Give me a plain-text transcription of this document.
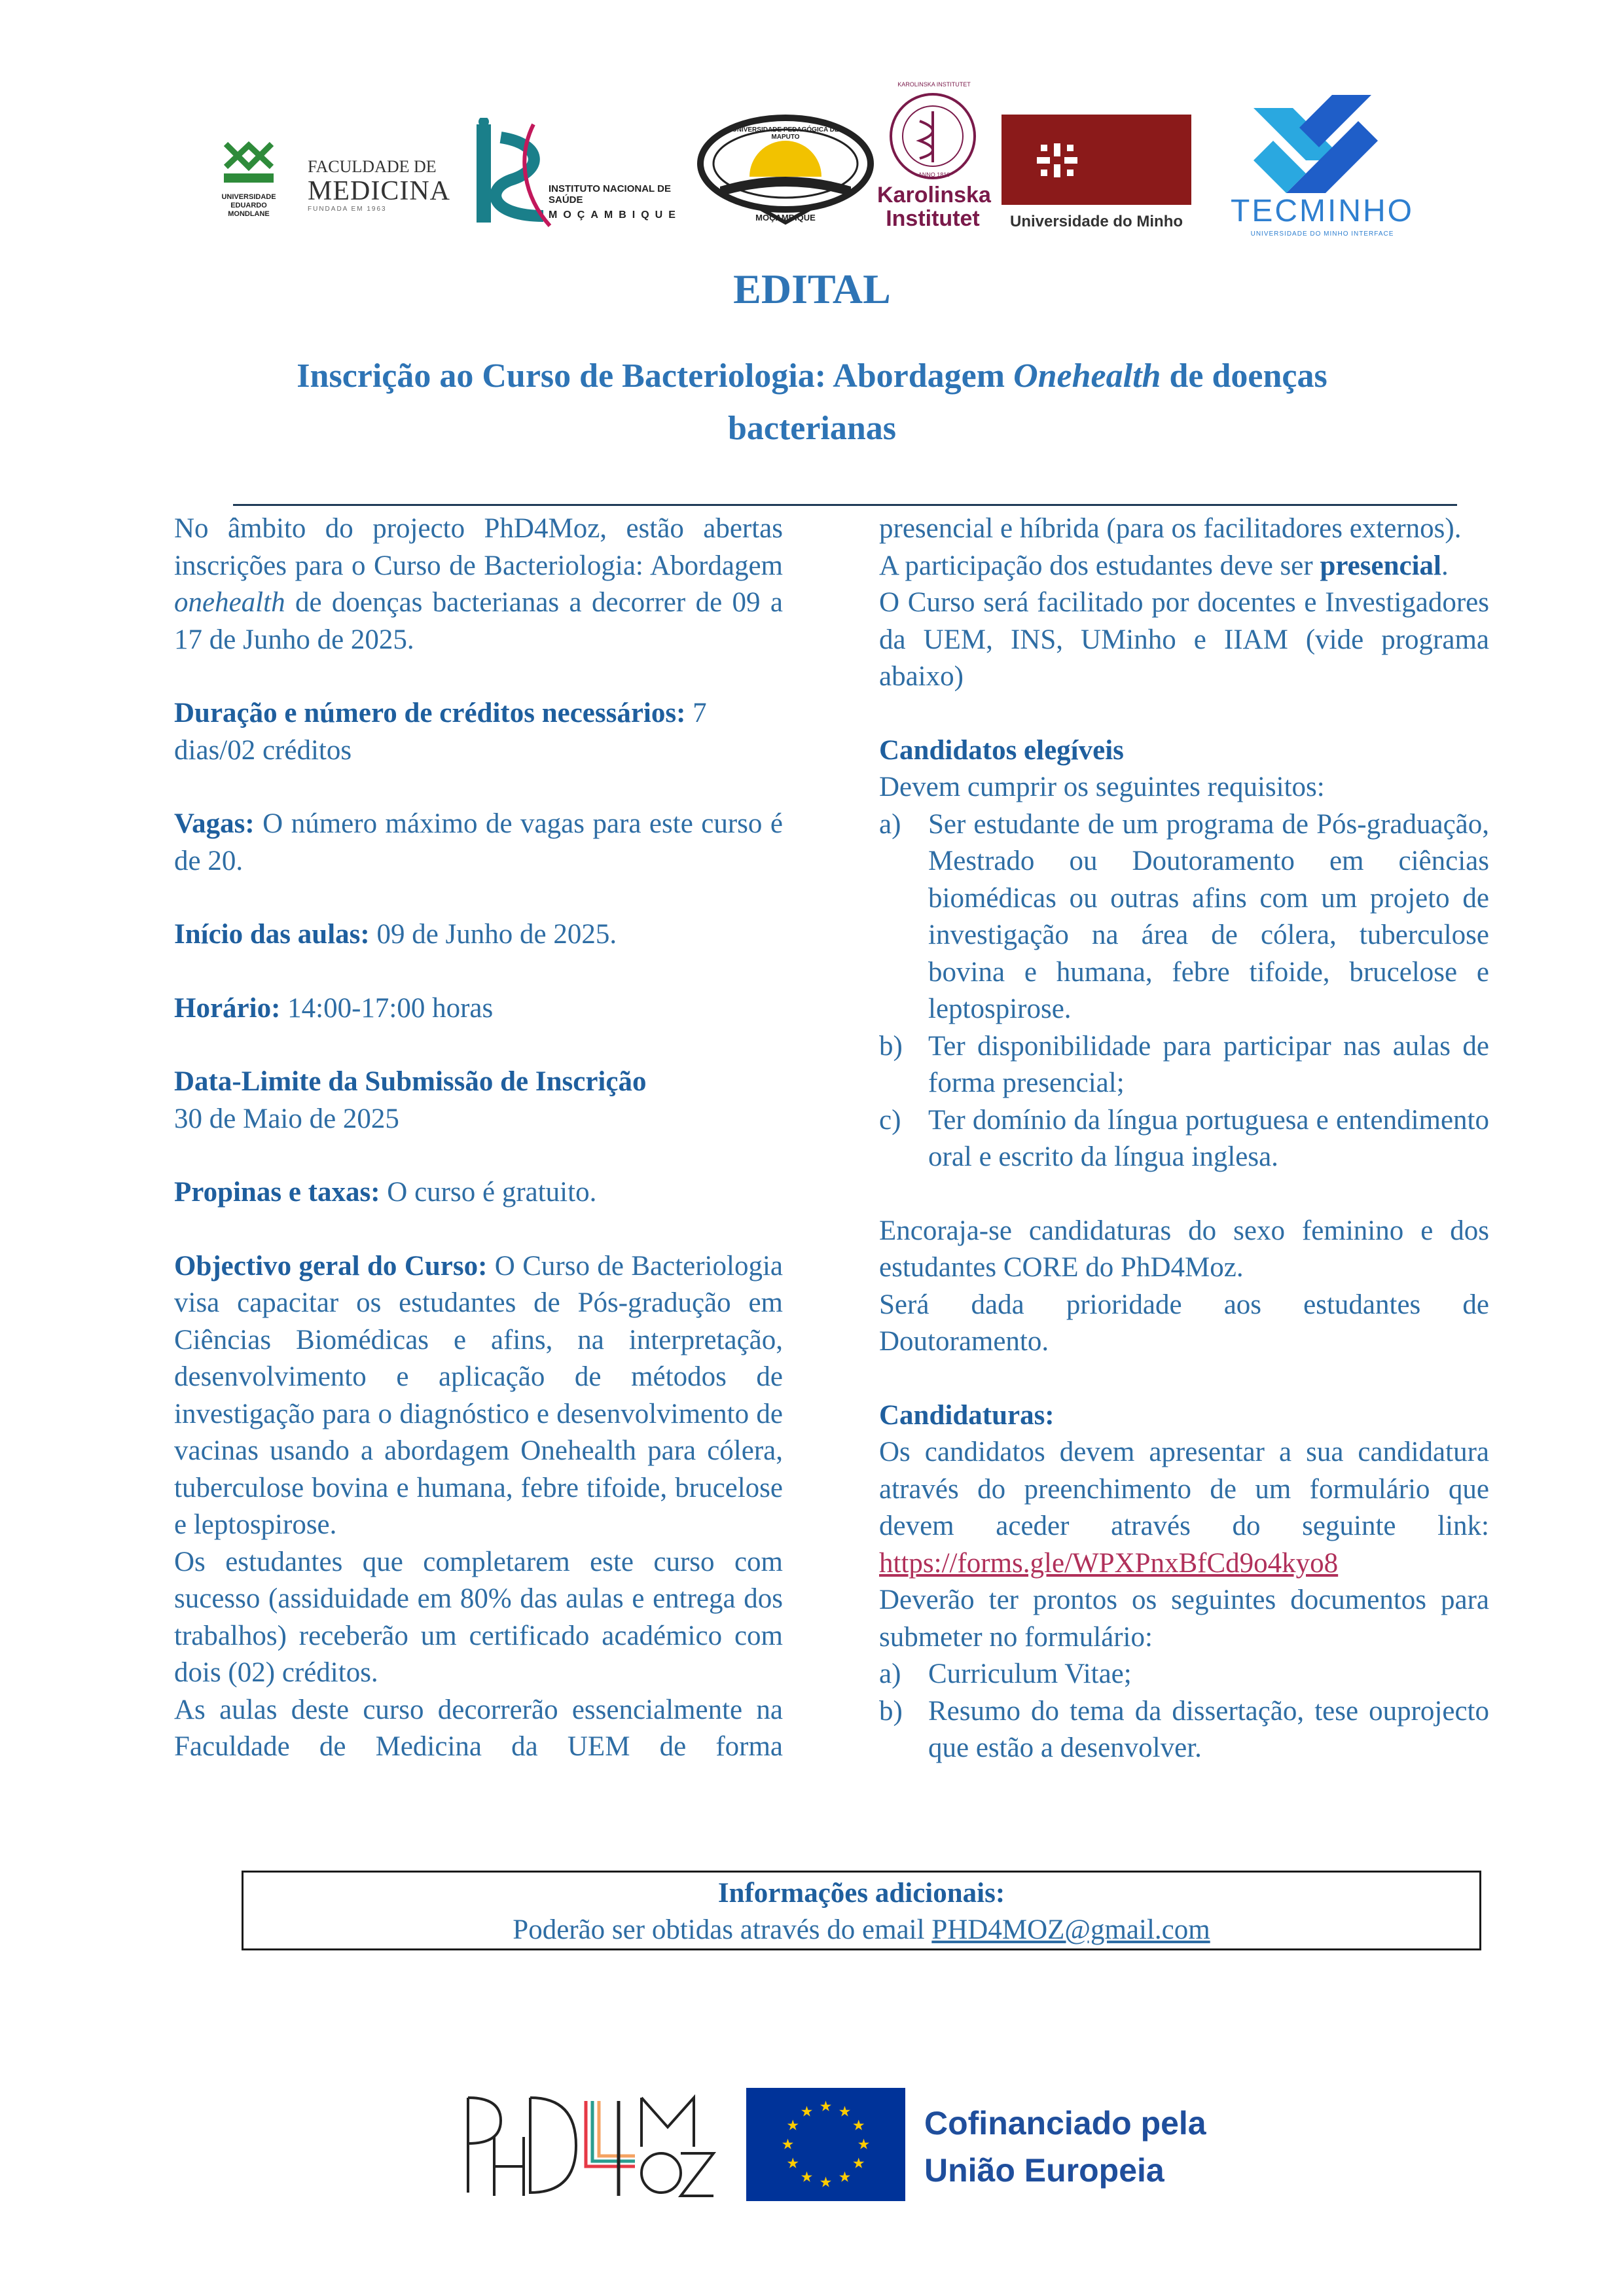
UNIVERSIDADE
EDUARDO
MONDLANE
FACULDADE DE
MEDICINA
FUNDADA EM 1963
INSTITUTO NACIONAL DE SAÚDE
MOÇAMBIQUE
UNIVERSIDADE PEDAGÓGICA DE MAPUTO
MOÇAMBIQUE
KAROLINSKA INSTITUTET
ANNO 1810
Karolinska
Institutet	Universidade do Minho	TECMINHO
UNIVERSIDADE DO MINHO INTERFACE
EDITAL
Inscrição ao Curso de Bacteriologia: Abordagem Onehealth de doenças bacterianas

No âmbito do projecto PhD4Moz, estão abertas inscrições para o Curso de Bacteriologia: Abordagem onehealth de doenças bacterianas a decorrer de 09 a 17 de Junho de 2025.

Duração e número de créditos necessários: 7 dias/02 créditos

Vagas: O número máximo de vagas para este curso é de 20.

Início das aulas: 09 de Junho de 2025.

Horário: 14:00-17:00 horas

Data-Limite da Submissão de Inscrição

30 de Maio de 2025

Propinas e taxas: O curso é gratuito.

Objectivo geral do Curso: O Curso de Bacteriologia visa capacitar os estudantes de Pós-gradução em Ciências Biomédicas e afins, na interpretação, desenvolvimento e aplicação de métodos de investigação para o diagnóstico e desenvolvimento de vacinas usando a abordagem Onehealth para cólera, tuberculose bovina e humana, febre tifoide, brucelose e leptospirose.

Os estudantes que completarem este curso com sucesso (assiduidade em 80% das aulas e entrega dos trabalhos) receberão um certificado académico com dois (02) créditos.

As aulas deste curso decorrerão essencialmente na Faculdade de Medicina da UEM de forma

presencial e híbrida (para os facilitadores externos).

A participação dos estudantes deve ser presencial.

O Curso será facilitado por docentes e Investigadores da UEM, INS, UMinho e IIAM (vide programa abaixo)

Candidatos elegíveis

Devem cumprir os seguintes requisitos:

a) Ser estudante de um programa de Pós-graduação, Mestrado ou Doutoramento em ciências biomédicas ou outras afins com um projeto de investigação na área de cólera, tuberculose bovina e humana, febre tifoide, brucelose e leptospirose.
b) Ter disponibilidade para participar nas aulas de forma presencial;
c) Ter domínio da língua portuguesa e entendimento oral e escrito da língua inglesa.

Encoraja-se candidaturas do sexo feminino e dos estudantes CORE do PhD4Moz.

Será dada prioridade aos estudantes de Doutoramento.

Candidaturas:

Os candidatos devem apresentar a sua candidatura através do preenchimento de um formulário que devem aceder através do seguinte link: https://forms.gle/WPXPnxBfCd9o4kyo8

Deverão ter prontos os seguintes documentos para submeter no formulário:

a) Curriculum Vitae;
b) Resumo do tema da dissertação, tese ouprojecto que estão a desenvolver.
Informações adicionais:
Poderão ser obtidas através do email PHD4MOZ@gmail.com
★ ★
★
★
★
★
★
★
★
★
★
★	Cofinanciado pela
União Europeia
